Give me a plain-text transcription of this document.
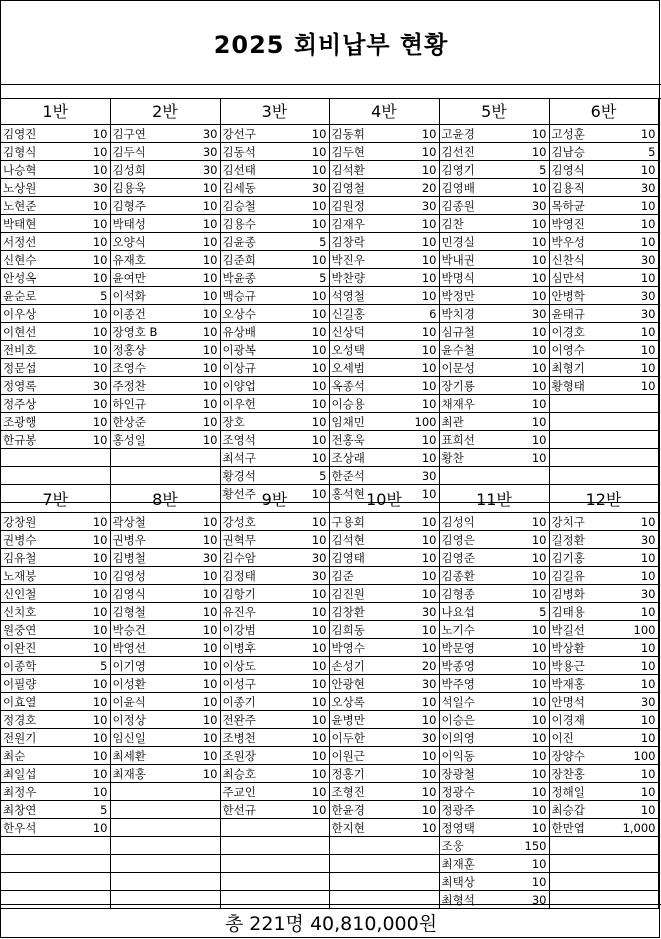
2025 회비납부 현황
1반		2반		3반		4반		5반		6반	
김영진	10	김구연	30	강선구	10	김동휘	10	고윤경	10	고성훈	10
김형식	10	김두식	30	김동석	10	김두현	10	김선진	10	김남승	5
나승혁	10	김성희	30	김선태	10	김석환	10	김영기	5	김영식	10
노상원	30	김용욱	10	김세동	30	김영철	20	김영배	10	김용직	30
노현준	10	김형주	10	김승철	10	김원정	30	김종원	30	목하균	10
박태현	10	박태성	10	김용수	10	김재우	10	김찬	10	박영진	10
서정선	10	오양식	10	김윤종	5	김창락	10	민경실	10	박우성	10
신현수	10	유재호	10	김준희	10	박진우	10	박내권	10	신찬식	30
안성옥	10	윤여만	10	박윤종	5	박찬량	10	박명식	10	심만석	10
윤순로	5	이석화	10	백승규	10	석영철	10	박정만	10	안병학	30
이우상	10	이종건	10	오상수	10	신길홍	6	박치경	30	윤태규	30
이현선	10	장영호 B	10	유상배	10	신상덕	10	심규철	10	이경호	10
전비호	10	정홍상	10	이광복	10	오성택	10	윤수철	10	이영수	10
정문섭	10	조영수	10	이상규	10	오세범	10	이문성	10	최형기	10
정영록	30	주정찬	10	이양업	10	옥종석	10	장기룡	10	황형태	10
정주상	10	하인규	10	이우헌	10	이승용	10	채재우	10		
조광행	10	한상준	10	장호	10	임채민	100	최관	10		
한규봉	10	홍성일	10	조영석	10	전홍욱	10	표희선	10		
				최석구	10	조상래	10	황찬	10		
				황경석	5	한준석	30				
				황선주	10	홍석현	10				
7반		8반		9반		10반		11반		12반	
강창원	10	곽상철	10	강성호	10	구용회	10	김성익	10	강치구	10
권병수	10	권병우	10	권혁무	10	김석현	10	김영은	10	길정환	30
김유철	10	김병철	30	김수암	30	김영태	10	김영준	10	김기홍	10
노재붕	10	김영성	10	김정태	30	김준	10	김종환	10	김길유	10
신인철	10	김영식	10	김항기	10	김진원	10	김형종	10	김병화	30
신치호	10	김형철	10	유진우	10	김창환	30	나요섭	5	김태용	10
원중연	10	박승건	10	이강범	10	김희동	10	노기수	10	박길선	100
이완진	10	박영선	10	이병후	10	박영수	10	박문영	10	박상환	10
이종학	5	이기영	10	이상도	10	손성기	20	박종영	10	박용근	10
이필량	10	이성환	10	이성구	10	안광현	30	박주영	10	박재홍	10
이효열	10	이윤식	10	이종기	10	오상록	10	석일수	10	안명석	30
정경호	10	이정상	10	전완주	10	윤병만	10	이승은	10	이경재	10
전원기	10	임신일	10	조병천	10	이두한	30	이의영	10	이진	10
최순	10	최세환	10	조원장	10	이원근	10	이익동	10	장양수	100
최일섭	10	최재홍	10	최승호	10	정홍기	10	장광철	10	장찬홍	10
최정우	10			주교인	10	조형진	10	정광수	10	정해일	10
최창연	5			한선규	10	한윤경	10	정광주	10	최승갑	10
한우석	10					한지현	10	정영택	10	한만엽	1,000
								조웅	150		
								최재훈	10		
								최택상	10		
								최형석	30		
총 221명 40,810,000원
